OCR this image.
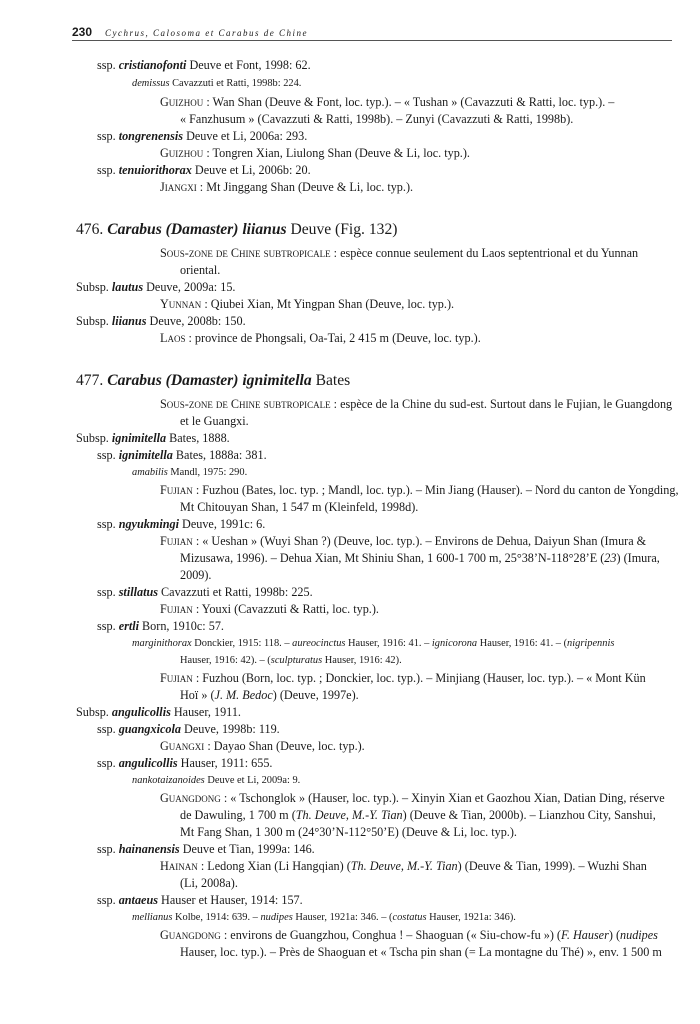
230 Cychrus, Calosoma et Carabus de Chine
ssp. cristianofonti Deuve et Font, 1998: 62.
demissus Cavazzuti et Ratti, 1998b: 224.
Guizhou : Wan Shan (Deuve & Font, loc. typ.). – « Tushan » (Cavazzuti & Ratti, loc. typ.). –
« Fanzhusum » (Cavazzuti & Ratti, 1998b). – Zunyi (Cavazzuti & Ratti, 1998b).
ssp. tongrenensis Deuve et Li, 2006a: 293.
Guizhou : Tongren Xian, Liulong Shan (Deuve & Li, loc. typ.).
ssp. tenuiorithorax Deuve et Li, 2006b: 20.
Jiangxi : Mt Jinggang Shan (Deuve & Li, loc. typ.).
476. Carabus (Damaster) liianus Deuve (Fig. 132)
Sous-zone de Chine subtropicale : espèce connue seulement du Laos septentrional et du Yunnan
oriental.
Subsp. lautus Deuve, 2009a: 15.
Yunnan : Qiubei Xian, Mt Yingpan Shan (Deuve, loc. typ.).
Subsp. liianus Deuve, 2008b: 150.
Laos : province de Phongsali, Oa-Tai, 2 415 m (Deuve, loc. typ.).
477. Carabus (Damaster) ignimitella Bates
Sous-zone de Chine subtropicale : espèce de la Chine du sud-est. Surtout dans le Fujian, le Guangdong
et le Guangxi.
Subsp. ignimitella Bates, 1888.
ssp. ignimitella Bates, 1888a: 381.
amabilis Mandl, 1975: 290.
Fujian : Fuzhou (Bates, loc. typ. ; Mandl, loc. typ.). – Min Jiang (Hauser). – Nord du canton de Yongding,
Mt Chitouyan Shan, 1 547 m (Kleinfeld, 1998d).
ssp. ngyukmingi Deuve, 1991c: 6.
Fujian : « Ueshan » (Wuyi Shan ?) (Deuve, loc. typ.). – Environs de Dehua, Daiyun Shan (Imura &
Mizusawa, 1996). – Dehua Xian, Mt Shiniu Shan, 1 600-1 700 m, 25°38’N-118°28’E (23) (Imura,
2009).
ssp. stillatus Cavazzuti et Ratti, 1998b: 225.
Fujian : Youxi (Cavazzuti & Ratti, loc. typ.).
ssp. ertli Born, 1910c: 57.
marginithorax Donckier, 1915: 118. – aureocinctus Hauser, 1916: 41. – ignicorona Hauser, 1916: 41. – (nigripennis
Hauser, 1916: 42). – (sculpturatus Hauser, 1916: 42).
Fujian : Fuzhou (Born, loc. typ. ; Donckier, loc. typ.). – Minjiang (Hauser, loc. typ.). – « Mont Kün
Hoï » (J. M. Bedoc) (Deuve, 1997e).
Subsp. angulicollis Hauser, 1911.
ssp. guangxicola Deuve, 1998b: 119.
Guangxi : Dayao Shan (Deuve, loc. typ.).
ssp. angulicollis Hauser, 1911: 655.
nankotaizanoides Deuve et Li, 2009a: 9.
Guangdong : « Tschonglok » (Hauser, loc. typ.). – Xinyin Xian et Gaozhou Xian, Datian Ding, réserve
de Dawuling, 1 700 m (Th. Deuve, M.-Y. Tian) (Deuve & Tian, 2000b). – Lianzhou City, Sanshui,
Mt Fang Shan, 1 300 m (24°30’N-112°50’E) (Deuve & Li, loc. typ.).
ssp. hainanensis Deuve et Tian, 1999a: 146.
Hainan : Ledong Xian (Li Hangqian) (Th. Deuve, M.-Y. Tian) (Deuve & Tian, 1999). – Wuzhi Shan
(Li, 2008a).
ssp. antaeus Hauser et Hauser, 1914: 157.
mellianus Kolbe, 1914: 639. – nudipes Hauser, 1921a: 346. – (costatus Hauser, 1921a: 346).
Guangdong : environs de Guangzhou, Conghua ! – Shaoguan (« Siu-chow-fu ») (F. Hauser) (nudipes
Hauser, loc. typ.). – Près de Shaoguan et « Tscha pin shan (= La montagne du Thé) », env. 1 500 m
